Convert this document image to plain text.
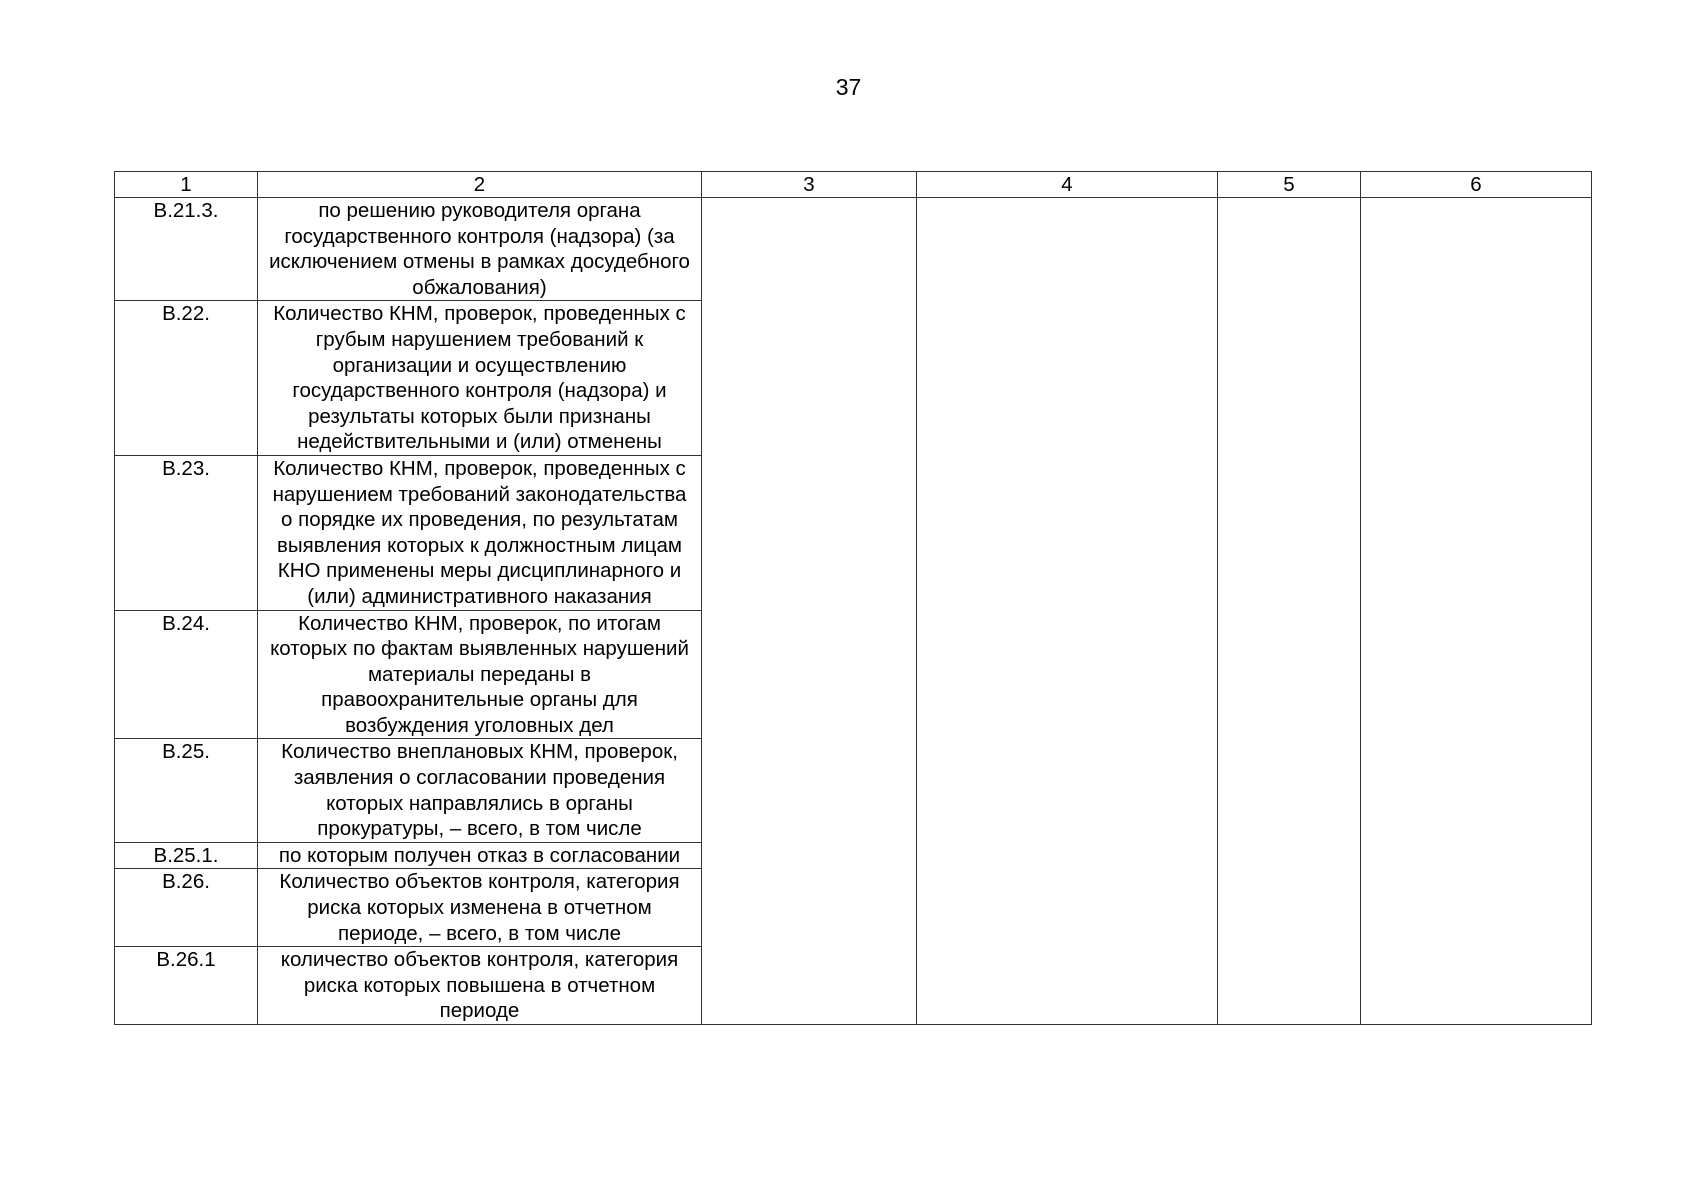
37
1	2	3	4	5	6
В.21.3.	по решению руководителя органа государственного контроля (надзора) (за исключением отмены в рамках досудебного обжалования)				
В.22.	Количество КНМ, проверок, проведенных с грубым нарушением требований к организации и осуществлению государственного контроля (надзора) и результаты которых были признаны недействительными и (или) отменены				
В.23.	Количество КНМ, проверок, проведенных с нарушением требований законодательства о порядке их проведения, по результатам выявления которых к должностным лицам КНО применены меры дисциплинарного и (или) административного наказания				
В.24.	Количество КНМ, проверок, по итогам которых по фактам выявленных нарушений материалы переданы в правоохранительные органы для возбуждения уголовных дел				
В.25.	Количество внеплановых КНМ, проверок, заявления о согласовании проведения которых направлялись в органы прокуратуры, – всего, в том числе				
В.25.1.	по которым получен отказ в согласовании				
В.26.	Количество объектов контроля, категория риска которых изменена в отчетном периоде, – всего, в том числе				
В.26.1	количество объектов контроля, категория риска которых повышена в отчетном периоде				
